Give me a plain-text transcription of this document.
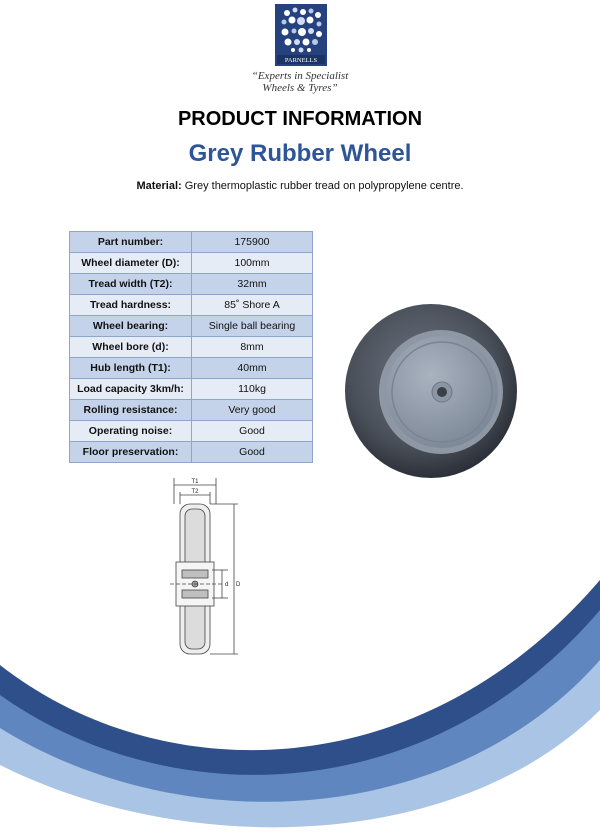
PARNELLS
“Experts in Specialist
Wheels & Tyres”
PRODUCT INFORMATION
Grey Rubber Wheel
Material: Grey thermoplastic rubber tread on polypropylene centre.
Part number:	175900
Wheel diameter (D):	100mm
Tread width (T2):	32mm
Tread hardness:	85˚ Shore A
Wheel bearing:	Single ball bearing
Wheel bore (d):	8mm
Hub length (T1):	40mm
Load capacity 3km/h:	110kg
Rolling resistance:	Very good
Operating noise:	Good
Floor preservation:	Good
T1
T2
d D
